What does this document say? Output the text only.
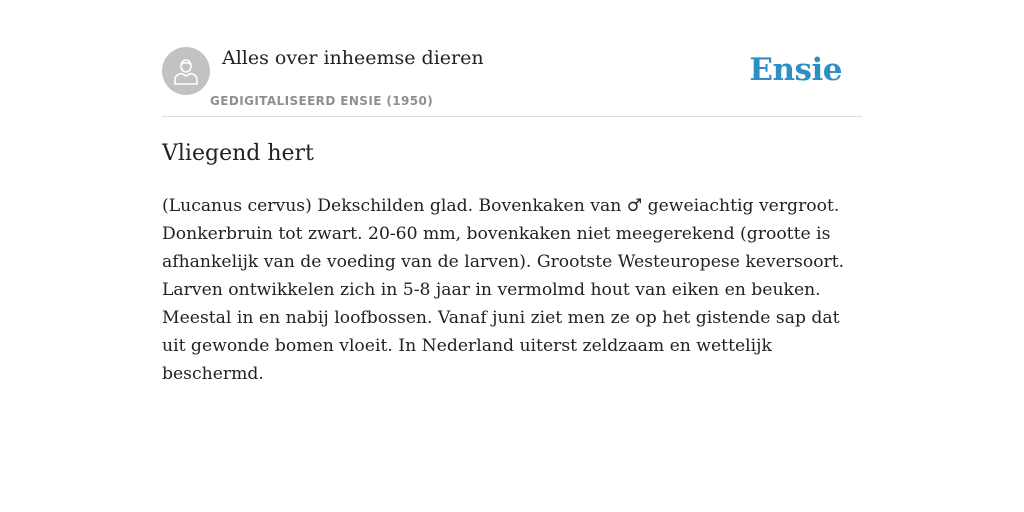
Alles over inheemse dieren
GEDIGITALISEERD ENSIE (1950)
Ensie
Vliegend hert

(Lucanus cervus) Dekschilden glad. Bovenkaken van ♂ geweiachtig vergroot. Donkerbruin tot zwart. 20-60 mm, bovenkaken niet meegerekend (grootte is afhankelijk van de voeding van de larven). Grootste Westeuropese keversoort. Larven ontwikkelen zich in 5-8 jaar in vermolmd hout van eiken en beuken. Meestal in en nabij loofbossen. Vanaf juni ziet men ze op het gistende sap dat uit gewonde bomen vloeit. In Nederland uiterst zeldzaam en wettelijk beschermd.
